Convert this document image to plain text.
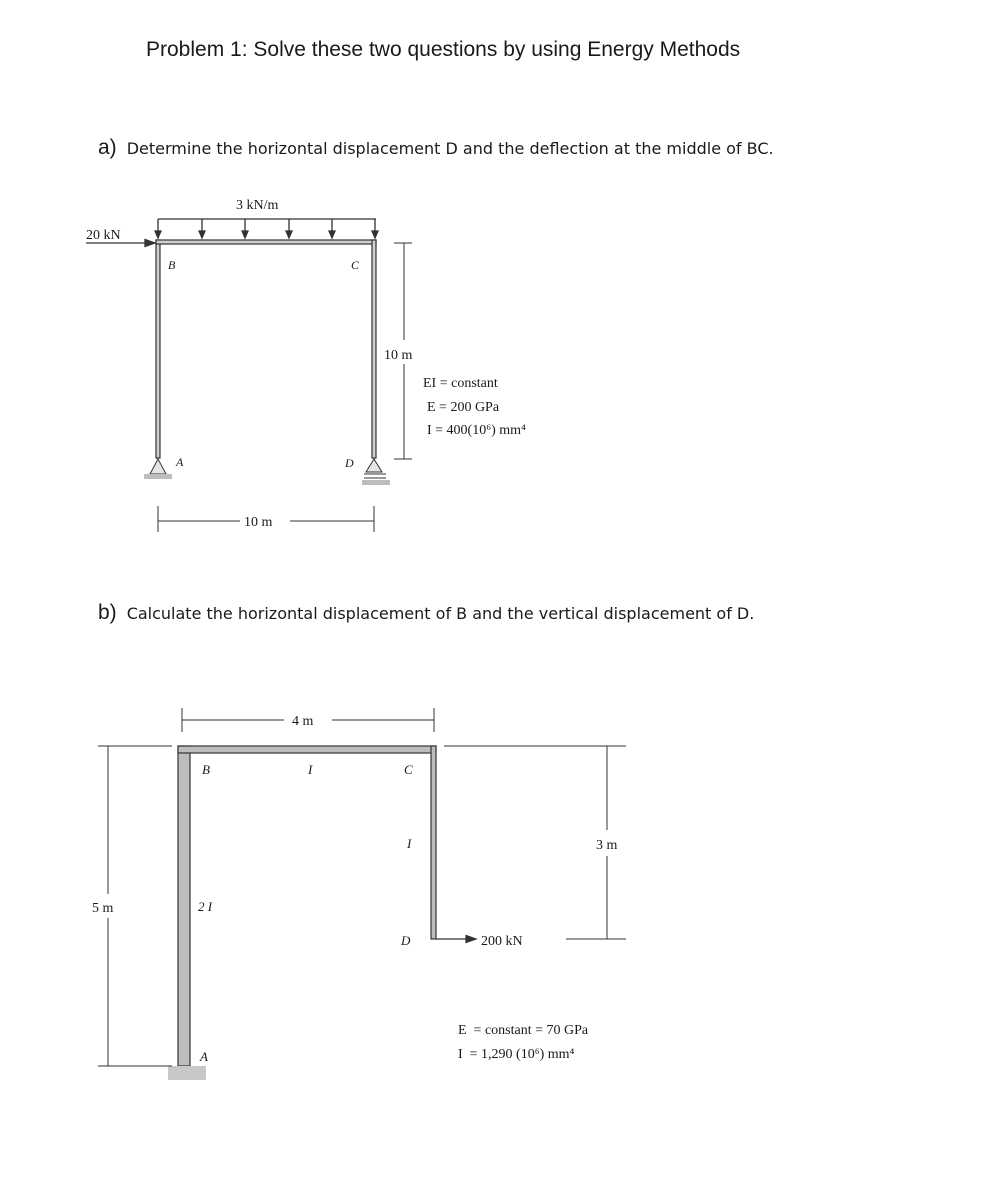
Problem 1: Solve these two questions by using Energy Methods
a) Determine the horizontal displacement D and the deflection at the middle of BC.
b) Calculate the horizontal displacement of B and the vertical displacement of D.
3 kN/m
20 kN
B	C
A	D
10 m
10 m
EI = constant
E = 200 GPa
I = 400(10⁶) mm⁴
4 m
B	I	C
I
2 I
D
A
5 m
3 m
200 kN
E  = constant = 70 GPa
I  = 1,290 (10⁶) mm⁴
